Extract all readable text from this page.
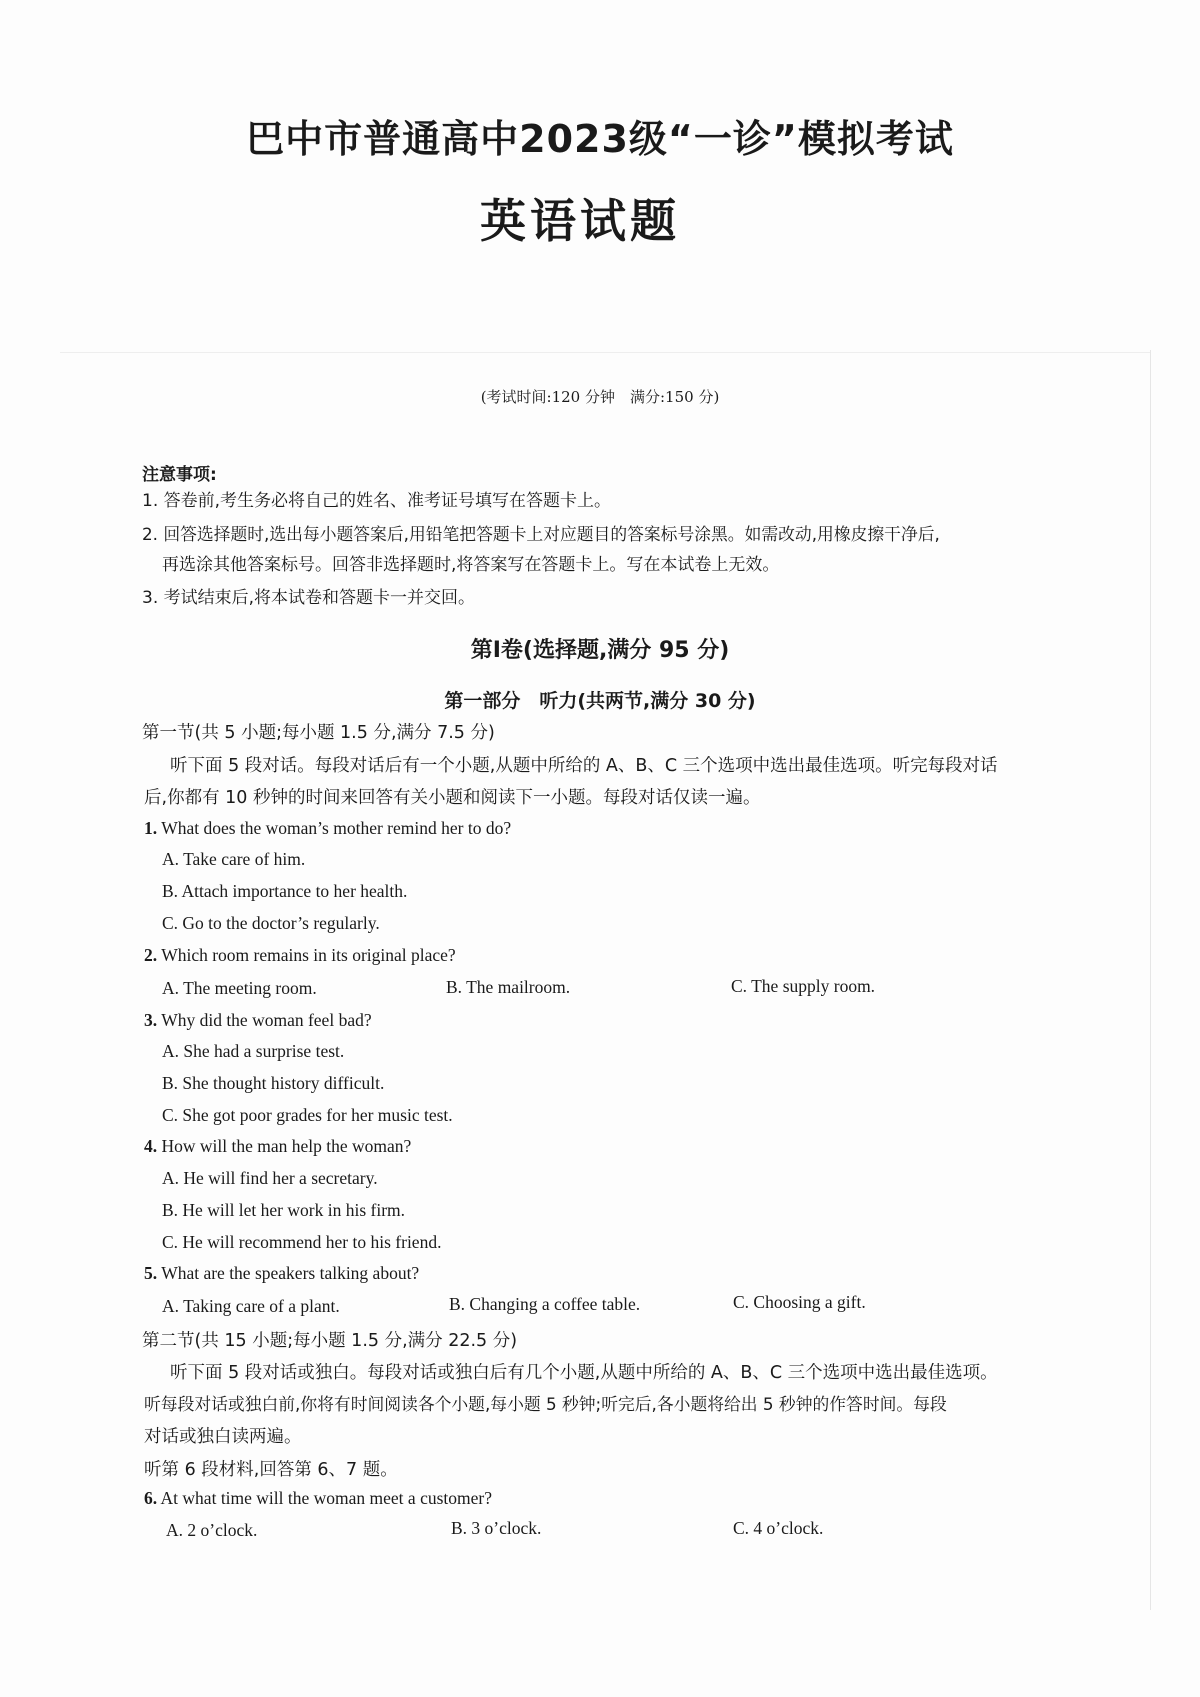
巴中市普通高中2023级“一诊”模拟考试
英语试题
(考试时间:120 分钟　满分:150 分)
注意事项:
1. 答卷前,考生务必将自己的姓名、准考证号填写在答题卡上。
2. 回答选择题时,选出每小题答案后,用铅笔把答题卡上对应题目的答案标号涂黑。如需改动,用橡皮擦干净后,
再选涂其他答案标号。回答非选择题时,将答案写在答题卡上。写在本试卷上无效。
3. 考试结束后,将本试卷和答题卡一并交回。
第Ⅰ卷(选择题,满分 95 分)
第一部分　听力(共两节,满分 30 分)
第一节(共 5 小题;每小题 1.5 分,满分 7.5 分)
听下面 5 段对话。每段对话后有一个小题,从题中所给的 A、B、C 三个选项中选出最佳选项。听完每段对话
后,你都有 10 秒钟的时间来回答有关小题和阅读下一小题。每段对话仅读一遍。
1. What does the woman’s mother remind her to do?
A. Take care of him.
B. Attach importance to her health.
C. Go to the doctor’s regularly.
2. Which room remains in its original place?
A. The meeting room.	B. The mailroom.	C. The supply room.
3. Why did the woman feel bad?
A. She had a surprise test.
B. She thought history difficult.
C. She got poor grades for her music test.
4. How will the man help the woman?
A. He will find her a secretary.
B. He will let her work in his firm.
C. He will recommend her to his friend.
5. What are the speakers talking about?
A. Taking care of a plant.	B. Changing a coffee table.	C. Choosing a gift.
第二节(共 15 小题;每小题 1.5 分,满分 22.5 分)
听下面 5 段对话或独白。每段对话或独白后有几个小题,从题中所给的 A、B、C 三个选项中选出最佳选项。
听每段对话或独白前,你将有时间阅读各个小题,每小题 5 秒钟;听完后,各小题将给出 5 秒钟的作答时间。每段
对话或独白读两遍。
听第 6 段材料,回答第 6、7 题。
6. At what time will the woman meet a customer?
A. 2 o’clock.	B. 3 o’clock.	C. 4 o’clock.
